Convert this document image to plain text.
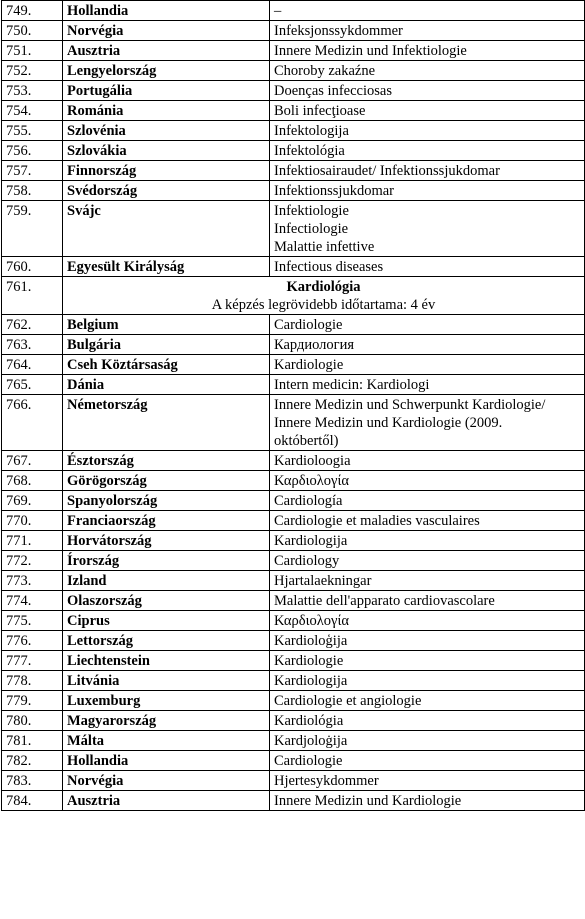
749.	Hollandia	–

750.	Norvégia	Infeksjonssykdommer

751.	Ausztria	Innere Medizin und Infektiologie

752.	Lengyelország	Choroby zakaźne

753.	Portugália	Doenças infecciosas

754.	Románia	Boli infecţioase

755.	Szlovénia	Infektologija

756.	Szlovákia	Infektológia

757.	Finnország	Infektiosairaudet/ Infektionssjukdomar

758.	Svédország	Infektionssjukdomar

759.	Svájc	Infektiologie
Infectiologie
Malattie infettive

760.	Egyesült Királyság	Infectious diseases

761.	Kardiológia
A képzés legrövidebb időtartama: 4 év	

762.	Belgium	Cardiologie

763.	Bulgária	Кардиология

764.	Cseh Köztársaság	Kardiologie

765.	Dánia	Intern medicin: Kardiologi

766.	Németország	Innere Medizin und Schwerpunkt Kardiologie/
Innere Medizin und Kardiologie (2009.
októbertől)

767.	Észtország	Kardioloogia

768.	Görögország	Καρδιολογία

769.	Spanyolország	Cardiología

770.	Franciaország	Cardiologie et maladies vasculaires

771.	Horvátország	Kardiologija

772.	Írország	Cardiology

773.	Izland	Hjartalaekningar

774.	Olaszország	Malattie dell'apparato cardiovascolare

775.	Ciprus	Καρδιολογία

776.	Lettország	Kardioloģija

777.	Liechtenstein	Kardiologie

778.	Litvánia	Kardiologija

779.	Luxemburg	Cardiologie et angiologie

780.	Magyarország	Kardiológia

781.	Málta	Kardjoloġija

782.	Hollandia	Cardiologie

783.	Norvégia	Hjertesykdommer

784.	Ausztria	Innere Medizin und Kardiologie
